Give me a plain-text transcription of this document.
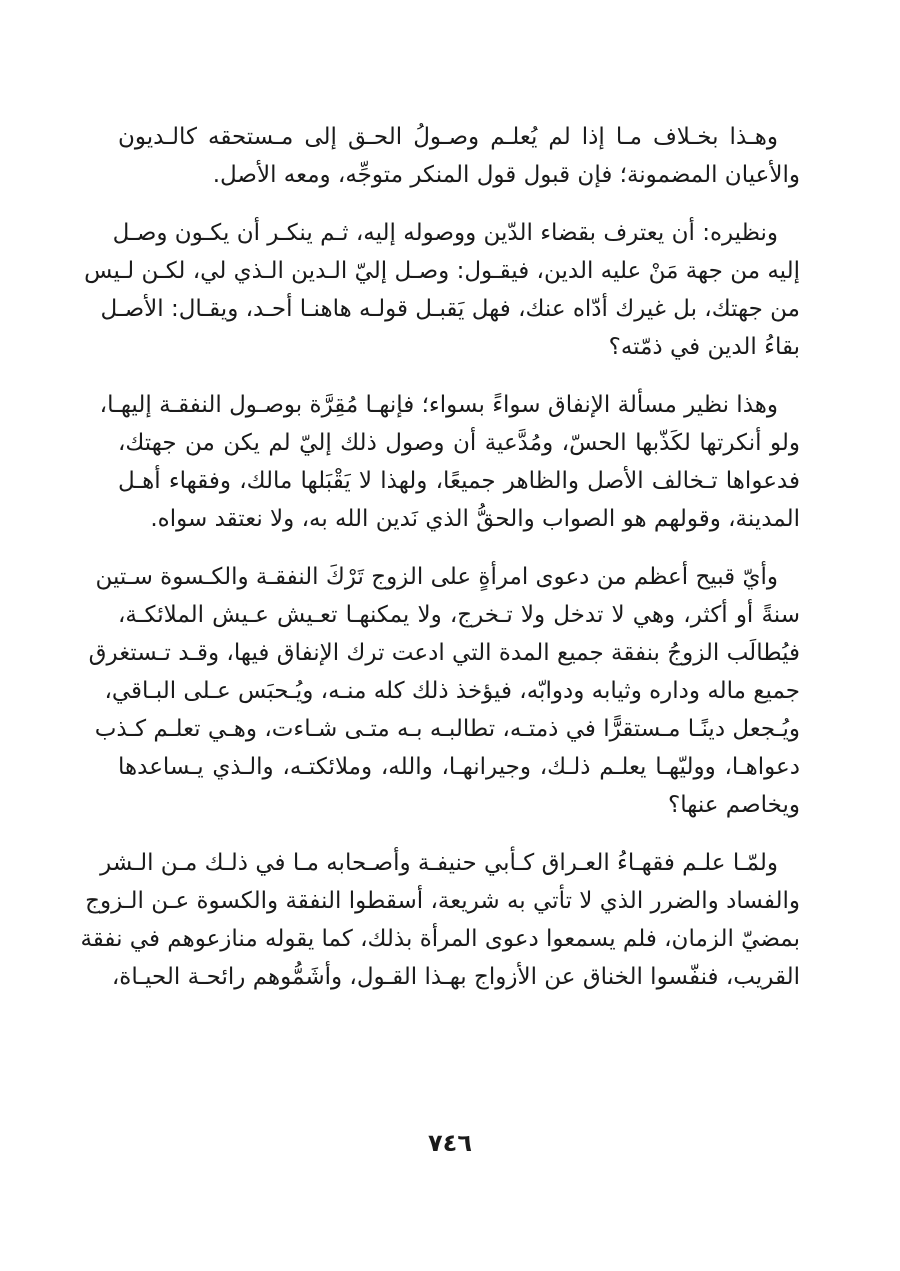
وهـذا بخـلاف مـا إذا لم يُعلـم وصـولُ الحـق إلى مـستحقه كالـديون
والأعيان المضمونة؛ فإن قبول قول المنكر متوجِّه، ومعه الأصل.
ونظيره: أن يعترف بقضاء الدّين ووصوله إليه، ثـم ينكـر أن يكـون وصـل
إليه من جهة مَنْ عليه الدين، فيقـول: وصـل إليّ الـدين الـذي لي، لكـن لـيس
من جهتك، بل غيرك أدّاه عنك، فهل يَقبـل قولـه هاهنـا أحـد، ويقـال: الأصـل
بقاءُ الدين في ذمّته؟
وهذا نظير مسألة الإنفاق سواءً بسواء؛ فإنهـا مُقِرَّة بوصـول النفقـة إليهـا،
ولو أنكرتها لكَذّبها الحسّ، ومُدَّعية أن وصول ذلك إليّ لم يكن من جهتك،
فدعواها تـخالف الأصل والظاهر جميعًا، ولهذا لا يَقْبَلها مالك، وفقهاء أهـل
المدينة، وقولهم هو الصواب والحقُّ الذي نَدين الله به، ولا نعتقد سواه.
وأيّ قبيح أعظم من دعوى امرأةٍ على الزوج تَرْكَ النفقـة والكـسوة سـتين
سنةً أو أكثر، وهي لا تدخل ولا تـخرج، ولا يمكنهـا تعـيش عـيش الملائكـة،
فيُطالَب الزوجُ بنفقة جميع المدة التي ادعت ترك الإنفاق فيها، وقـد تـستغرق
جميع ماله وداره وثيابه ودوابّه، فيؤخذ ذلك كله منـه، ويُـحبَس عـلى البـاقي،
ويُـجعل دينًـا مـستقرًّا في ذمتـه، تطالبـه بـه متـى شـاءت، وهـي تعلـم كـذب
دعواهـا، ووليّهـا يعلـم ذلـك، وجيرانهـا، والله، وملائكتـه، والـذي يـساعدها
ويخاصم عنها؟
ولمّـا علـم فقهـاءُ العـراق كـأبي حنيفـة وأصـحابه مـا في ذلـك مـن الـشر
والفساد والضرر الذي لا تأتي به شريعة، أسقطوا النفقة والكسوة عـن الـزوج
بمضيّ الزمان، فلم يسمعوا دعوى المرأة بذلك، كما يقوله منازعوهم في نفقة
القريب، فنفّسوا الخناق عن الأزواج بهـذا القـول، وأشَمُّوهم رائحـة الحيـاة،
٧٤٦
